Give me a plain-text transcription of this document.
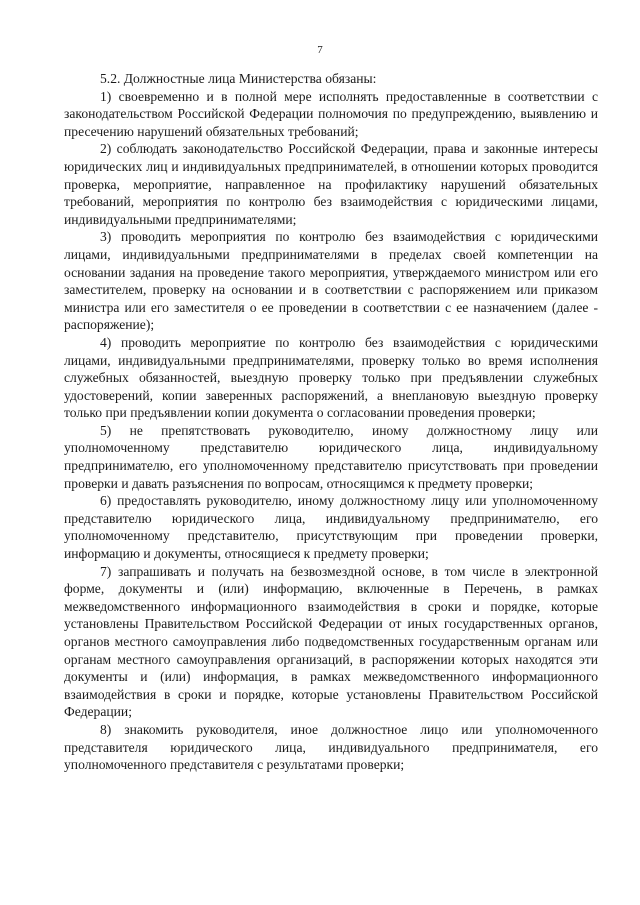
7

5.2. Должностные лица Министерства обязаны:

1) своевременно и в полной мере исполнять предоставленные в соответствии с законодательством Российской Федерации полномочия по предупреждению, выявлению и пресечению нарушений обязательных требований;

2) соблюдать законодательство Российской Федерации, права и законные интересы юридических лиц и индивидуальных предпринимателей, в отношении которых проводится проверка, мероприятие, направленное на профилактику нарушений обязательных требований, мероприятия по контролю без взаимодействия с юридическими лицами, индивидуальными предпринимателями;

3) проводить мероприятия по контролю без взаимодействия с юридическими лицами, индивидуальными предпринимателями в пределах своей компетенции на основании задания на проведение такого мероприятия, утверждаемого министром или его заместителем, проверку на основании и в соответствии с распоряжением или приказом министра или его заместителя о ее проведении в соответствии с ее назначением (далее - распоряжение);

4) проводить мероприятие по контролю без взаимодействия с юридическими лицами, индивидуальными предпринимателями, проверку только во время исполнения служебных обязанностей, выездную проверку только при предъявлении служебных удостоверений, копии заверенных распоряжений, а внеплановую выездную проверку только при предъявлении копии документа о согласовании проведения проверки;

5) не препятствовать руководителю, иному должностному лицу или уполномоченному представителю юридического лица, индивидуальному предпринимателю, его уполномоченному представителю присутствовать при проведении проверки и давать разъяснения по вопросам, относящимся к предмету проверки;

6) предоставлять руководителю, иному должностному лицу или уполномоченному представителю юридического лица, индивидуальному предпринимателю, его уполномоченному представителю, присутствующим при проведении проверки, информацию и документы, относящиеся к предмету проверки;

7) запрашивать и получать на безвозмездной основе, в том числе в электронной форме, документы и (или) информацию, включенные в Перечень, в рамках межведомственного информационного взаимодействия в сроки и порядке, которые установлены Правительством Российской Федерации от иных государственных органов, органов местного самоуправления либо подведомственных государственным органам или органам местного самоуправления организаций, в распоряжении которых находятся эти документы и (или) информация, в рамках межведомственного информационного взаимодействия в сроки и порядке, которые установлены Правительством Российской Федерации;

8) знакомить руководителя, иное должностное лицо или уполномоченного представителя юридического лица, индивидуального предпринимателя, его уполномоченного представителя с результатами проверки;
